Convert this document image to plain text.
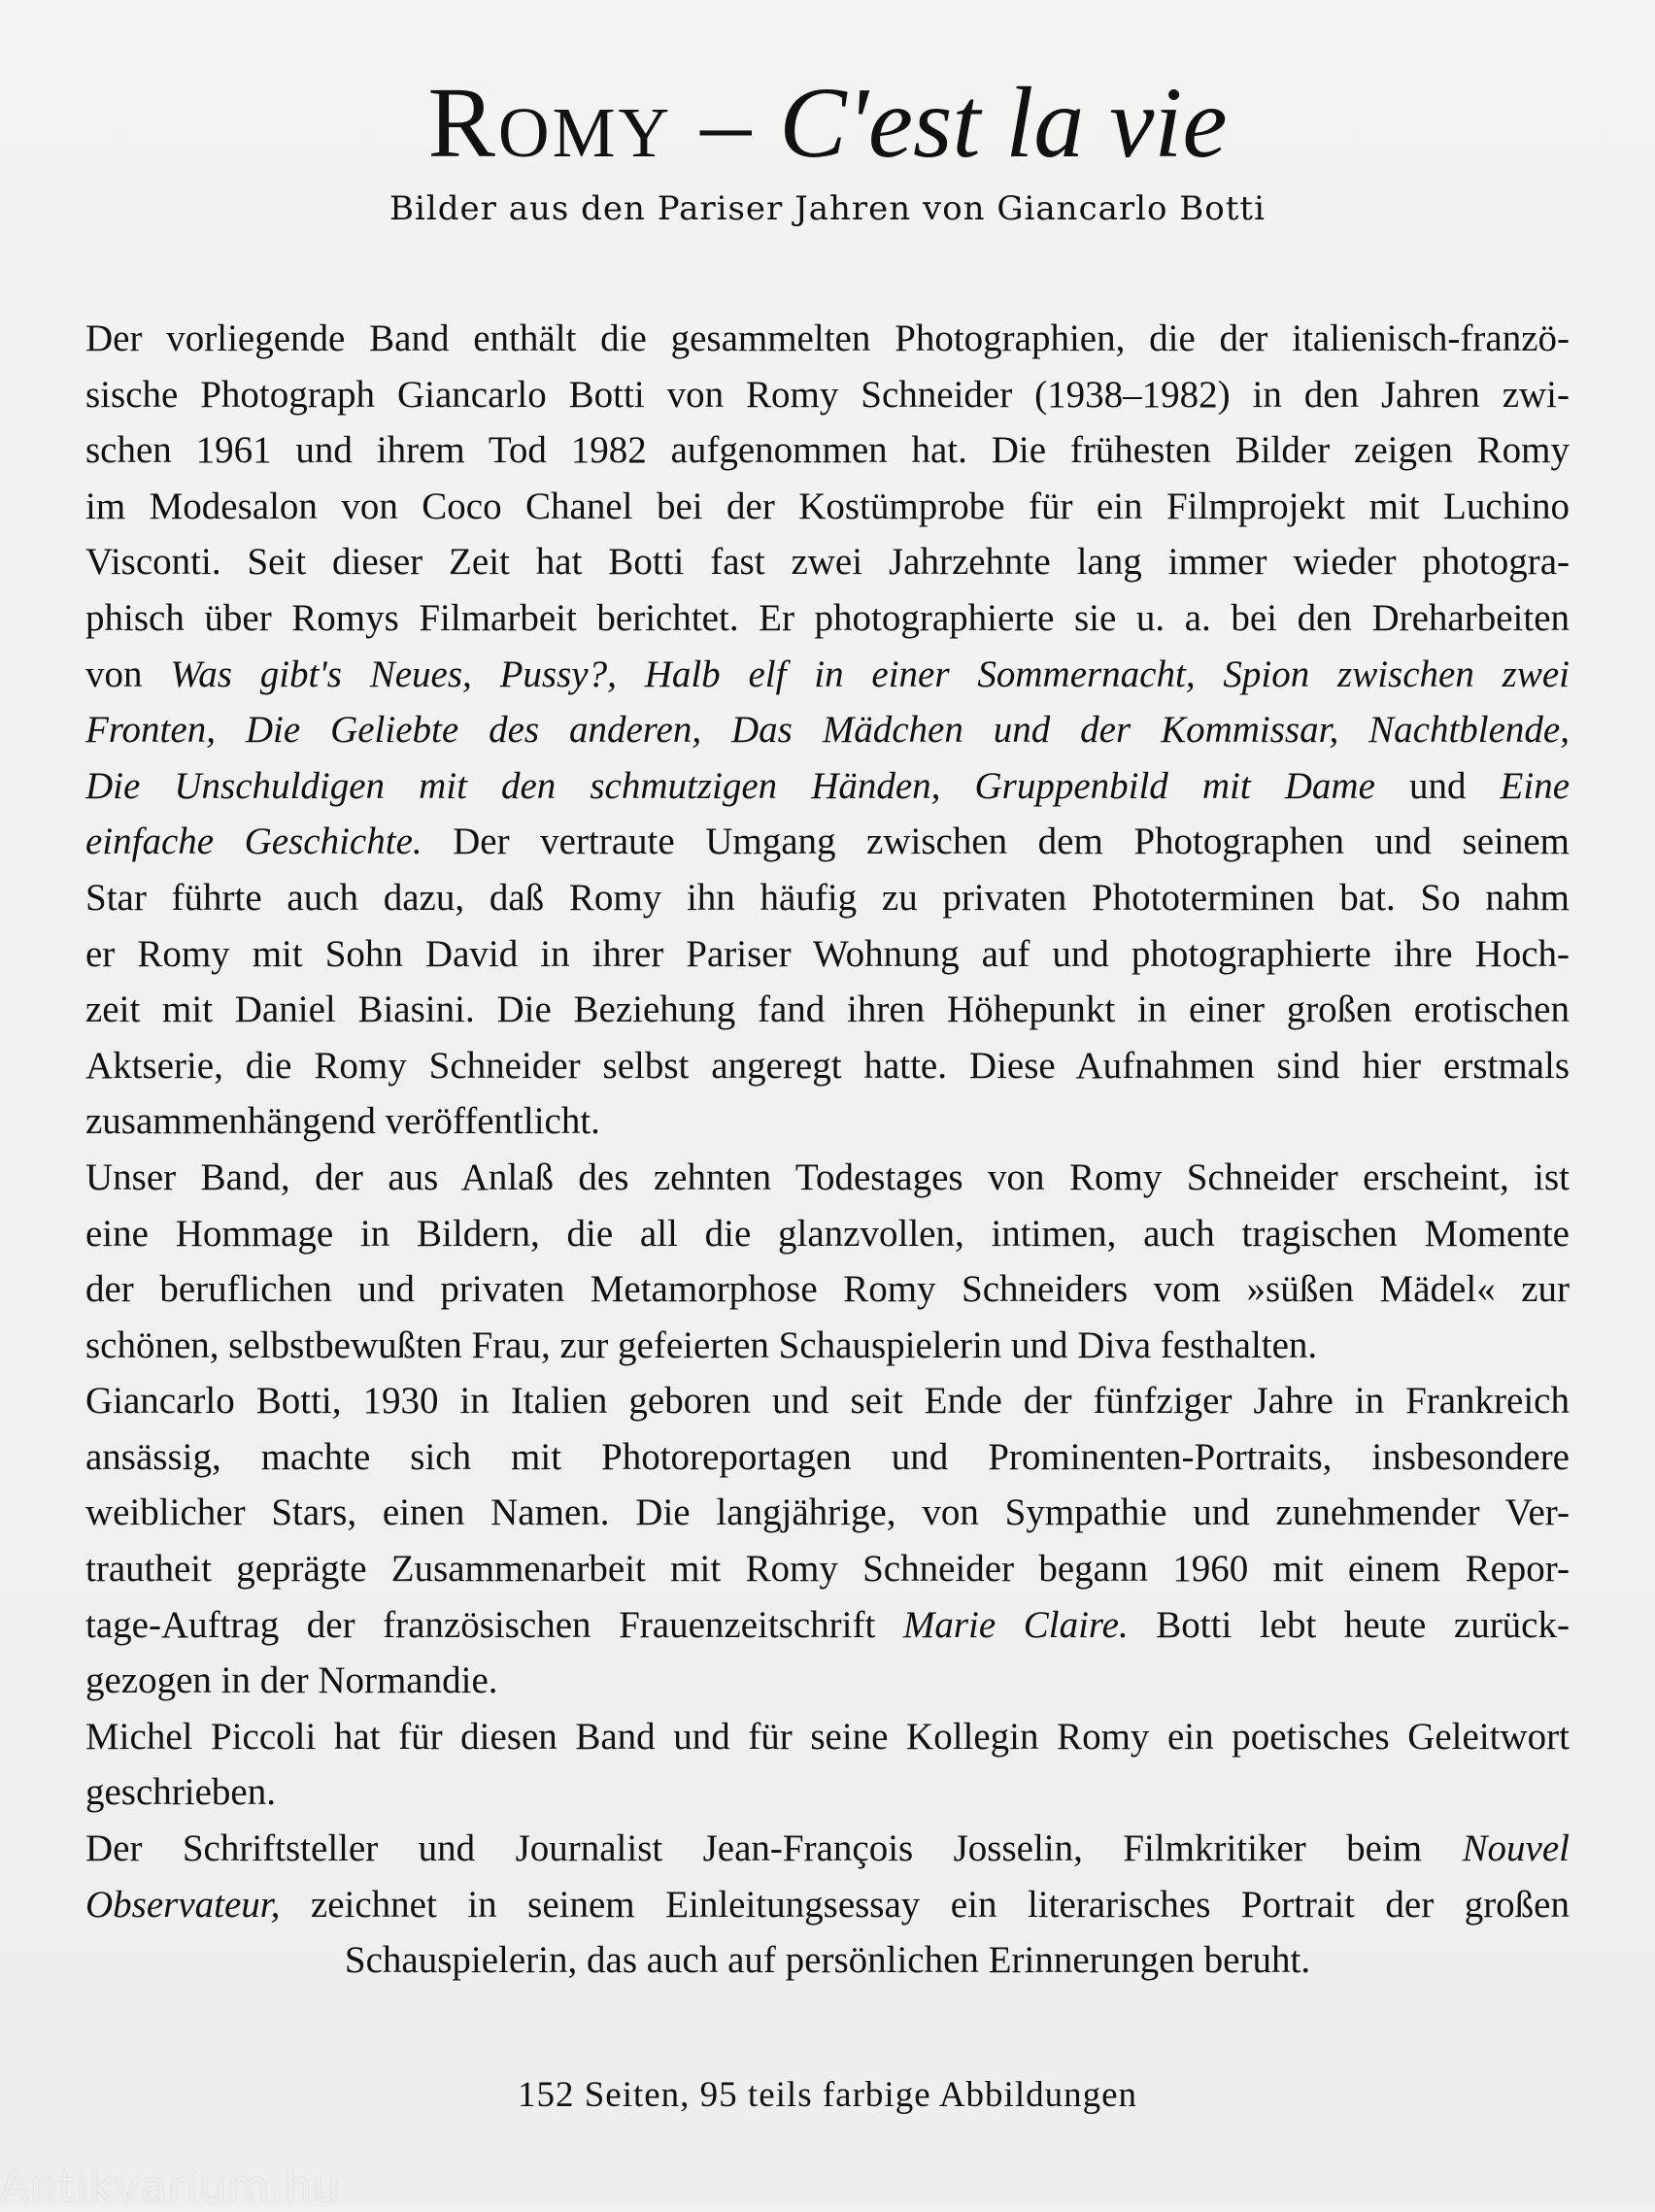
Romy – C'est la vie
Bilder aus den Pariser Jahren von Giancarlo Botti
Der vorliegende Band enthält die gesammelten Photographien, die der italienisch-franzö-
sische Photograph Giancarlo Botti von Romy Schneider (1938–1982) in den Jahren zwi-
schen 1961 und ihrem Tod 1982 aufgenommen hat. Die frühesten Bilder zeigen Romy
im Modesalon von Coco Chanel bei der Kostümprobe für ein Filmprojekt mit Luchino
Visconti. Seit dieser Zeit hat Botti fast zwei Jahrzehnte lang immer wieder photogra-
phisch über Romys Filmarbeit berichtet. Er photographierte sie u. a. bei den Dreharbeiten
von Was gibt's Neues, Pussy?, Halb elf in einer Sommernacht, Spion zwischen zwei
Fronten, Die Geliebte des anderen, Das Mädchen und der Kommissar, Nachtblende,
Die Unschuldigen mit den schmutzigen Händen, Gruppenbild mit Dame und Eine
einfache Geschichte. Der vertraute Umgang zwischen dem Photographen und seinem
Star führte auch dazu, daß Romy ihn häufig zu privaten Phototerminen bat. So nahm
er Romy mit Sohn David in ihrer Pariser Wohnung auf und photographierte ihre Hoch-
zeit mit Daniel Biasini. Die Beziehung fand ihren Höhepunkt in einer großen erotischen
Aktserie, die Romy Schneider selbst angeregt hatte. Diese Aufnahmen sind hier erstmals
zusammenhängend veröffentlicht.
Unser Band, der aus Anlaß des zehnten Todestages von Romy Schneider erscheint, ist
eine Hommage in Bildern, die all die glanzvollen, intimen, auch tragischen Momente
der beruflichen und privaten Metamorphose Romy Schneiders vom »süßen Mädel« zur
schönen, selbstbewußten Frau, zur gefeierten Schauspielerin und Diva festhalten.
Giancarlo Botti, 1930 in Italien geboren und seit Ende der fünfziger Jahre in Frankreich
ansässig, machte sich mit Photoreportagen und Prominenten-Portraits, insbesondere
weiblicher Stars, einen Namen. Die langjährige, von Sympathie und zunehmender Ver-
trautheit geprägte Zusammenarbeit mit Romy Schneider begann 1960 mit einem Repor-
tage-Auftrag der französischen Frauenzeitschrift Marie Claire. Botti lebt heute zurück-
gezogen in der Normandie.
Michel Piccoli hat für diesen Band und für seine Kollegin Romy ein poetisches Geleitwort
geschrieben.
Der Schriftsteller und Journalist Jean-François Josselin, Filmkritiker beim Nouvel
Observateur, zeichnet in seinem Einleitungsessay ein literarisches Portrait der großen
Schauspielerin, das auch auf persönlichen Erinnerungen beruht.
152 Seiten, 95 teils farbige Abbildungen
Antikvarium.hu
